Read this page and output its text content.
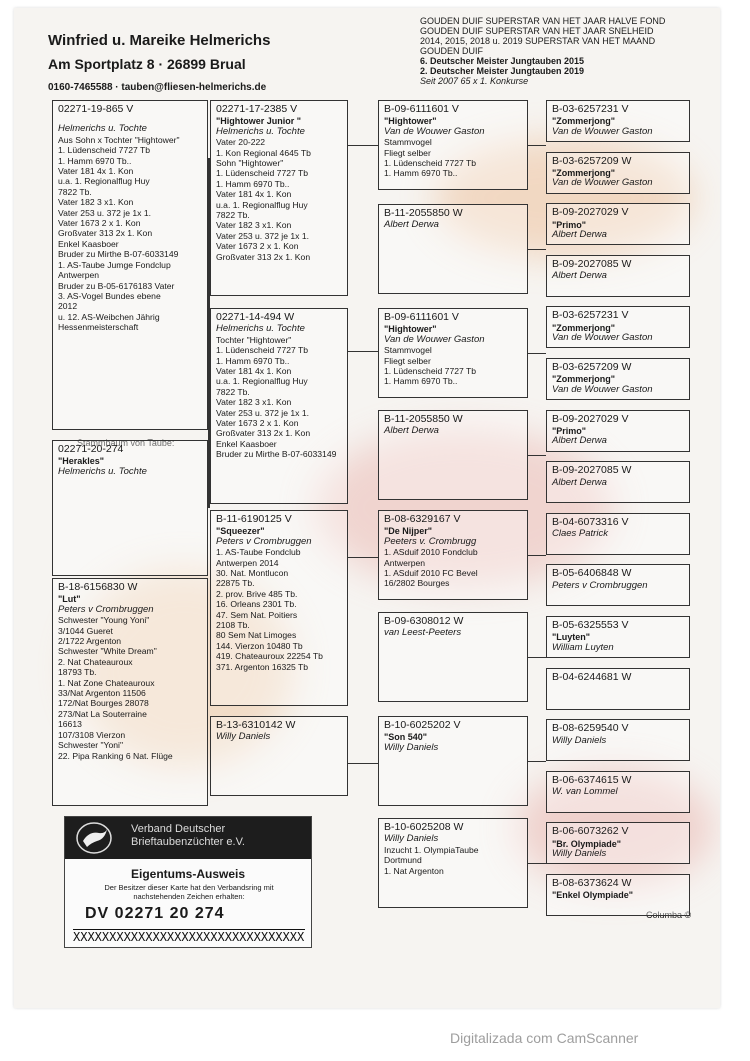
Winfried u. Mareike Helmerichs
Am Sportplatz 8 · 26899 Brual
0160-7465588 · tauben@fliesen-helmerichs.de
GOUDEN DUIF SUPERSTAR VAN HET JAAR HALVE FOND
GOUDEN DUIF SUPERSTAR VAN HET JAAR SNELHEID
2014, 2015, 2018 u. 2019 SUPERSTAR VAN HET MAAND
GOUDEN DUIF
6. Deutscher Meister Jungtauben 2015
2. Deutscher Meister Jungtauben 2019
Seit 2007 65 x 1. Konkurse
Stammbaum von Taube:
Verband Deutscher
Brieftaubenzüchter e.V.
Eigentums-Ausweis
Der Besitzer dieser Karte hat den Verbandsring mit nachstehenden Zeichen erhalten:
DV 02271 20 274
XXXXXXXXXXXXXXXXXXXXXXXXXXXXXXXX
Columba ©
02271-19-865 V
Helmerichs u. Tochte
Aus Sohn x Tochter "Hightower"
1. Lüdenscheid 7727 Tb
1. Hamm 6970 Tb..
Vater 181 4x 1. Kon
u.a. 1. Regionalflug Huy
7822 Tb.
Vater 182 3 x1. Kon
Vater 253 u. 372 je 1x 1.
Vater 1673 2 x 1. Kon
Großvater 313 2x 1. Kon
Enkel Kaasboer
Bruder zu Mirthe B-07-6033149
1. AS-Taube Jumge Fondclup
Antwerpen
Bruder zu B-05-6176183 Vater
3. AS-Vogel Bundes ebene
2012
u. 12. AS-Weibchen Jährig
Hessenmeisterschaft
02271-20-274
"Herakles"
Helmerichs u. Tochte
B-18-6156830 W
"Lut"
Peters v Crombruggen
Schwester "Young Yoni"
3/1044 Gueret
2/1722 Argenton
Schwester "White Dream"
2. Nat Chateauroux
18793 Tb.
1. Nat Zone Chateauroux
33/Nat Argenton 11506
172/Nat Bourges 28078
273/Nat La Souterraine
16613
107/3108 Vierzon
Schwester "Yoni"
22. Pipa Ranking 6 Nat. Flüge
02271-17-2385 V
"Hightower Junior "
Helmerichs u. Tochte
Vater 20-222
1. Kon Regional 4645 Tb
Sohn "Hightower"
1. Lüdenscheid 7727 Tb
1. Hamm 6970 Tb..
Vater 181 4x 1. Kon
u.a. 1. Regionalflug Huy
7822 Tb.
Vater 182 3 x1. Kon
Vater 253 u. 372 je 1x 1.
Vater 1673 2 x 1. Kon
Großvater 313 2x 1. Kon
02271-14-494 W
Helmerichs u. Tochte
Tochter "Hightower"
1. Lüdenscheid 7727 Tb
1. Hamm 6970 Tb..
Vater 181 4x 1. Kon
u.a. 1. Regionalflug Huy
7822 Tb.
Vater 182 3 x1. Kon
Vater 253 u. 372 je 1x 1.
Vater 1673 2 x 1. Kon
Großvater 313 2x 1. Kon
Enkel Kaasboer
Bruder zu Mirthe B-07-6033149
B-11-6190125 V
"Squeezer"
Peters v Crombruggen
1. AS-Taube Fondclub
Antwerpen 2014
30. Nat. Montlucon
22875 Tb.
2. prov. Brive 485 Tb.
16. Orleans 2301 Tb.
47. Sem Nat. Poitiers
2108 Tb.
80 Sem Nat Limoges
144. Vierzon 10480 Tb
419. Chateauroux 22254 Tb
371. Argenton 16325 Tb
B-13-6310142 W
Willy Daniels
B-09-6111601 V
"Hightower"
Van de Wouwer Gaston
Stammvogel
Fliegt selber
1. Lüdenscheid 7727 Tb
1. Hamm 6970 Tb..
B-11-2055850 W
Albert Derwa
B-09-6111601 V
"Hightower"
Van de Wouwer Gaston
Stammvogel
Fliegt selber
1. Lüdenscheid 7727 Tb
1. Hamm 6970 Tb..
B-11-2055850 W
Albert Derwa
B-08-6329167 V
"De Nijper"
Peeters v. Crombrugg
1. ASduif 2010 Fondclub
Antwerpen
1. ASduif 2010 FC Bevel
16/2802 Bourges
B-09-6308012 W
van Leest-Peeters
B-10-6025202 V
"Son 540"
Willy Daniels
B-10-6025208 W
Willy Daniels
Inzucht 1. OlympiaTaube
Dortmund
1. Nat Argenton
B-03-6257231 V
"Zommerjong"
Van de Wouwer Gaston
B-03-6257209 W
"Zommerjong"
Van de Wouwer Gaston
B-09-2027029 V
"Primo"
Albert Derwa
B-09-2027085 W
Albert Derwa
B-03-6257231 V
"Zommerjong"
Van de Wouwer Gaston
B-03-6257209 W
"Zommerjong"
Van de Wouwer Gaston
B-09-2027029 V
"Primo"
Albert Derwa
B-09-2027085 W
Albert Derwa
B-04-6073316 V
Claes Patrick
B-05-6406848 W
Peters v Crombruggen
B-05-6325553 V
"Luyten"
William Luyten
B-04-6244681 W
B-08-6259540 V
Willy Daniels
B-06-6374615 W
W. van Lommel
B-06-6073262 V
"Br. Olympiade"
Willy Daniels
B-08-6373624 W
"Enkel Olympiade"
Digitalizada com CamScanner
